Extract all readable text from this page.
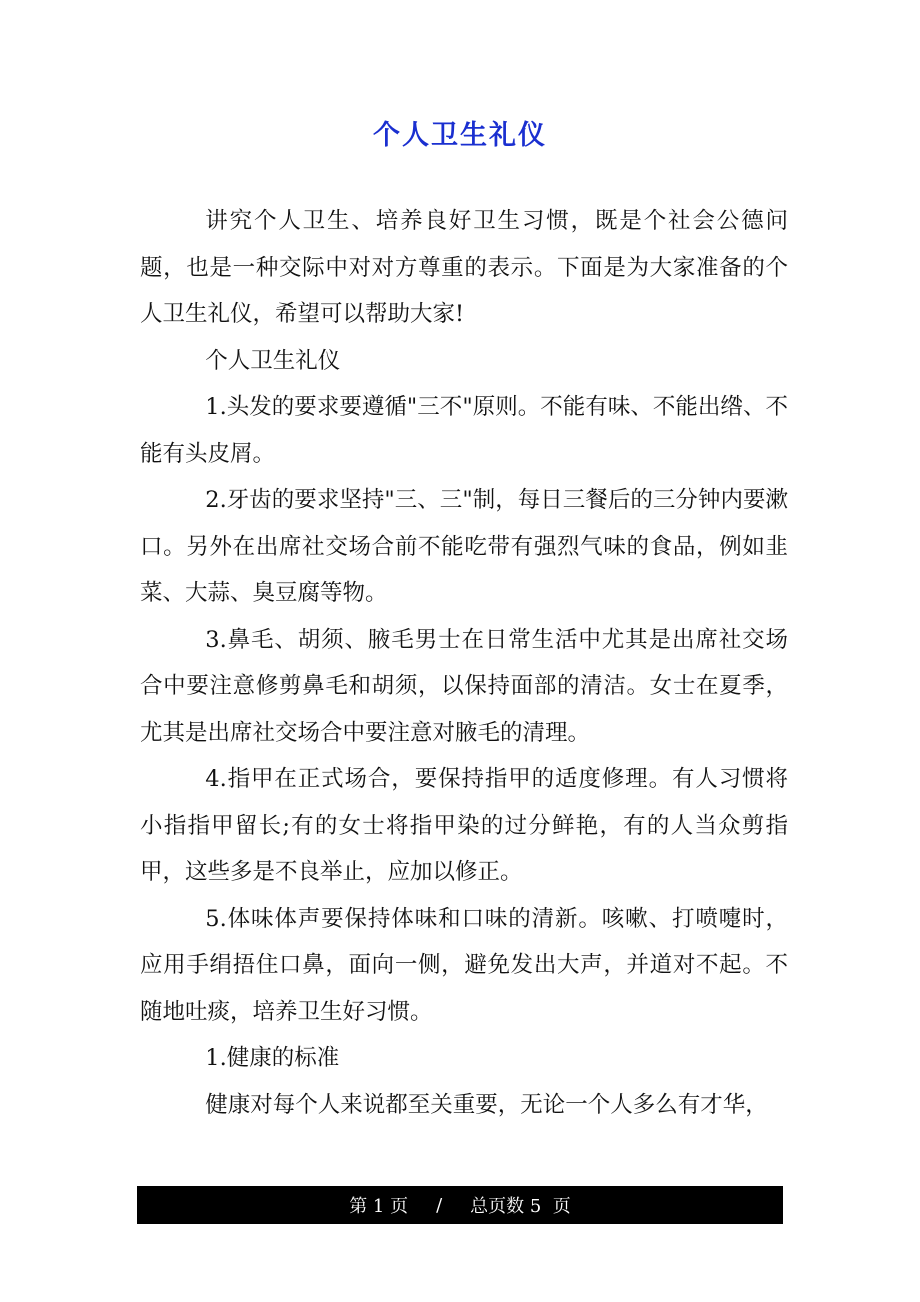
个人卫生礼仪

讲究个人卫生、培养良好卫生习惯，既是个社会公德问题，也是一种交际中对对方尊重的表示。下面是为大家准备的个人卫生礼仪，希望可以帮助大家!

个人卫生礼仪

1.头发的要求要遵循"三不"原则。不能有味、不能出绺、不能有头皮屑。

2.牙齿的要求坚持"三、三"制，每日三餐后的三分钟内要漱口。另外在出席社交场合前不能吃带有强烈气味的食品，例如韭菜、大蒜、臭豆腐等物。

3.鼻毛、胡须、腋毛男士在日常生活中尤其是出席社交场合中要注意修剪鼻毛和胡须，以保持面部的清洁。女士在夏季，尤其是出席社交场合中要注意对腋毛的清理。

4.指甲在正式场合，要保持指甲的适度修理。有人习惯将小指指甲留长;有的女士将指甲染的过分鲜艳，有的人当众剪指甲，这些多是不良举止，应加以修正。

5.体味体声要保持体味和口味的清新。咳嗽、打喷嚏时，应用手绢捂住口鼻，面向一侧，避免发出大声，并道对不起。不随地吐痰，培养卫生好习惯。

1.健康的标准

健康对每个人来说都至关重要，无论一个人多么有才华，

第 1 页 / 总页数 5  页
